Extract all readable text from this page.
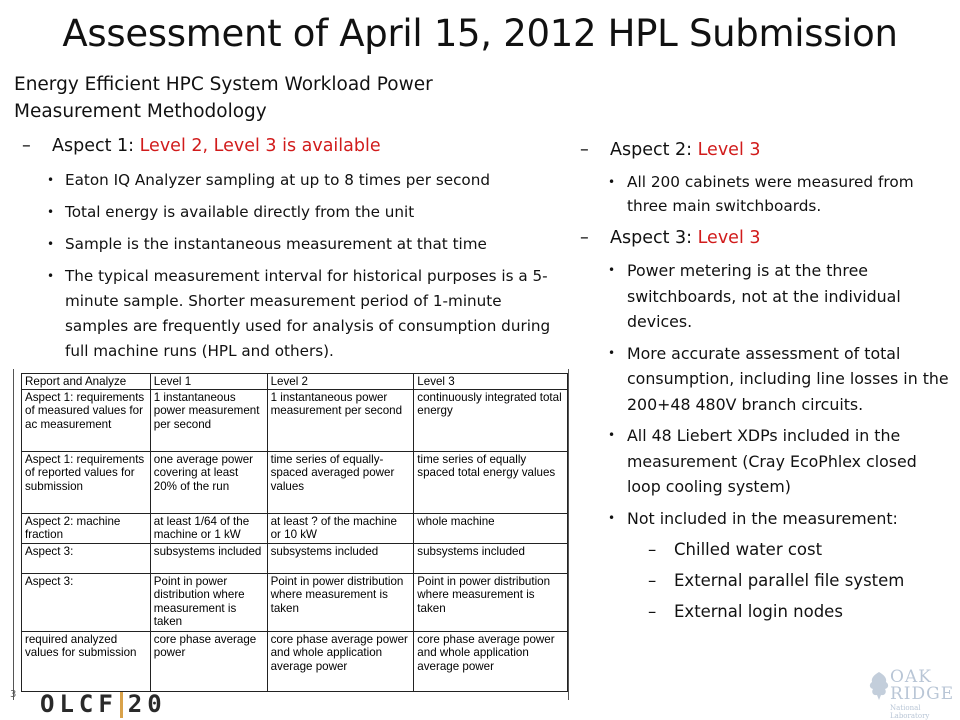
Assessment of April 15, 2012 HPL Submission
Energy Efficient HPC System Workload Power
Measurement Methodology
– Aspect 1: Level 2, Level 3 is available
• Eaton IQ Analyzer sampling at up to 8 times per second
• Total energy is available directly from the unit
• Sample is the instantaneous measurement at that time
• The typical measurement interval for historical purposes is a 5-minute sample. Shorter measurement period of 1-minute samples are frequently used for analysis of consumption during full machine runs (HPL and others).
Report and Analyze	Level 1	Level 2	Level 3
Aspect 1: requirements of measured values for ac measurement	1 instantaneous power measurement per second	1 instantaneous power measurement per second	continuously integrated total energy
Aspect 1: requirements of reported values for submission	one average power covering at least 20% of the run	time series of equally-spaced averaged power values	time series of equally spaced total energy values
Aspect 2: machine fraction	at least 1/64 of the machine or 1 kW	at least ? of the machine or 10 kW	whole machine
Aspect 3:	subsystems included	subsystems included	subsystems included
Aspect 3:	Point in power distribution where measurement is taken	Point in power distribution where measurement is taken	Point in power distribution where measurement is taken
required analyzed values for submission	core phase average power	core phase average power and whole application average power	core phase average power and whole application average power
– Aspect 2: Level 3
• All 200 cabinets were measured from three main switchboards.
– Aspect 3: Level 3
• Power metering is at the three switchboards, not at the individual devices.
• More accurate assessment of total consumption, including line losses in the 200+48 480V branch circuits.
• All 48 Liebert XDPs included in the measurement (Cray EcoPhlex closed loop cooling system)
• Not included in the measurement:
– Chilled water cost
– External parallel file system
– External login nodes
3 OLCF 20
OAK
RIDGE
National Laboratory
